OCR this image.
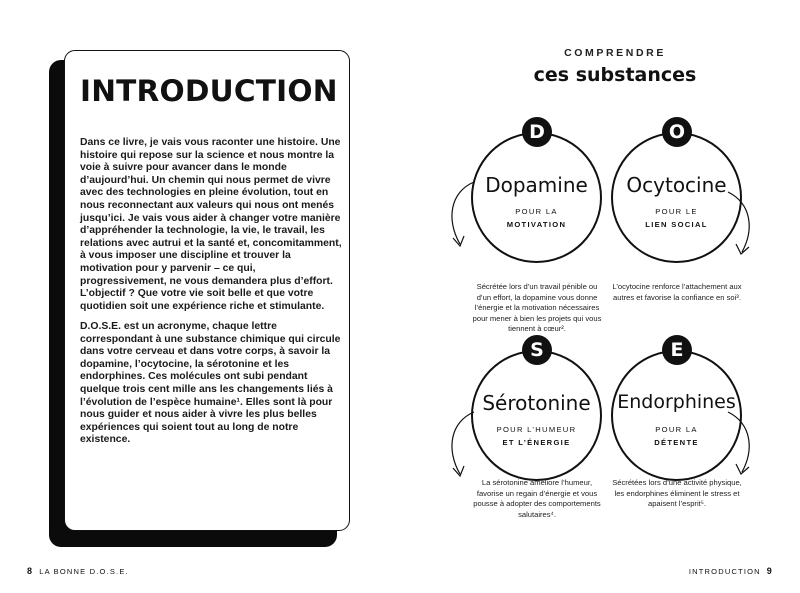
INTRODUCTION

Dans ce livre, je vais vous raconter une histoire. Une histoire qui repose sur la science et nous montre la voie à suivre pour avancer dans le monde d’aujourd’hui. Un chemin qui nous permet de vivre avec des technologies en pleine évolution, tout en nous reconnectant aux valeurs qui nous ont menés jusqu’ici. Je vais vous aider à changer votre manière d’appréhender la technologie, la vie, le travail, les relations avec autrui et la santé et, concomitamment, à vous imposer une discipline et trouver la motivation pour y parvenir – ce qui, progressivement, ne vous demandera plus d’effort. L’objectif ? Que votre vie soit belle et que votre quotidien soit une expérience riche et stimulante.

D.O.S.E. est un acronyme, chaque lettre correspondant à une substance chimique qui circule dans votre cerveau et dans votre corps, à savoir la dopamine, l’ocytocine, la sérotonine et les endorphines. Ces molécules ont subi pendant quelque trois cent mille ans les changements liés à l’évolution de l’espèce humaine¹. Elles sont là pour nous guider et nous aider à vivre les plus belles expériences qui soient tout au long de notre existence.

8 LA BONNE D.O.S.E.
COMPRENDRE
ces substances
D
Dopamine
POUR LA
MOTIVATION
Sécrétée lors d’un travail pénible ou d’un effort, la dopamine vous donne l’énergie et la motivation nécessaires pour mener à bien les projets qui vous tiennent à cœur².
O
Ocytocine
POUR LE
LIEN SOCIAL
L’ocytocine renforce l’attachement aux autres et favorise la confiance en soi³.
S
Sérotonine
POUR L’HUMEUR
ET L’ÉNERGIE
La sérotonine améliore l’humeur, favorise un regain d’énergie et vous pousse à adopter des comportements salutaires⁴.
E
Endorphines
POUR LA
DÉTENTE
Sécrétées lors d’une activité physique, les endorphines éliminent le stress et apaisent l’esprit⁵.
INTRODUCTION 9
